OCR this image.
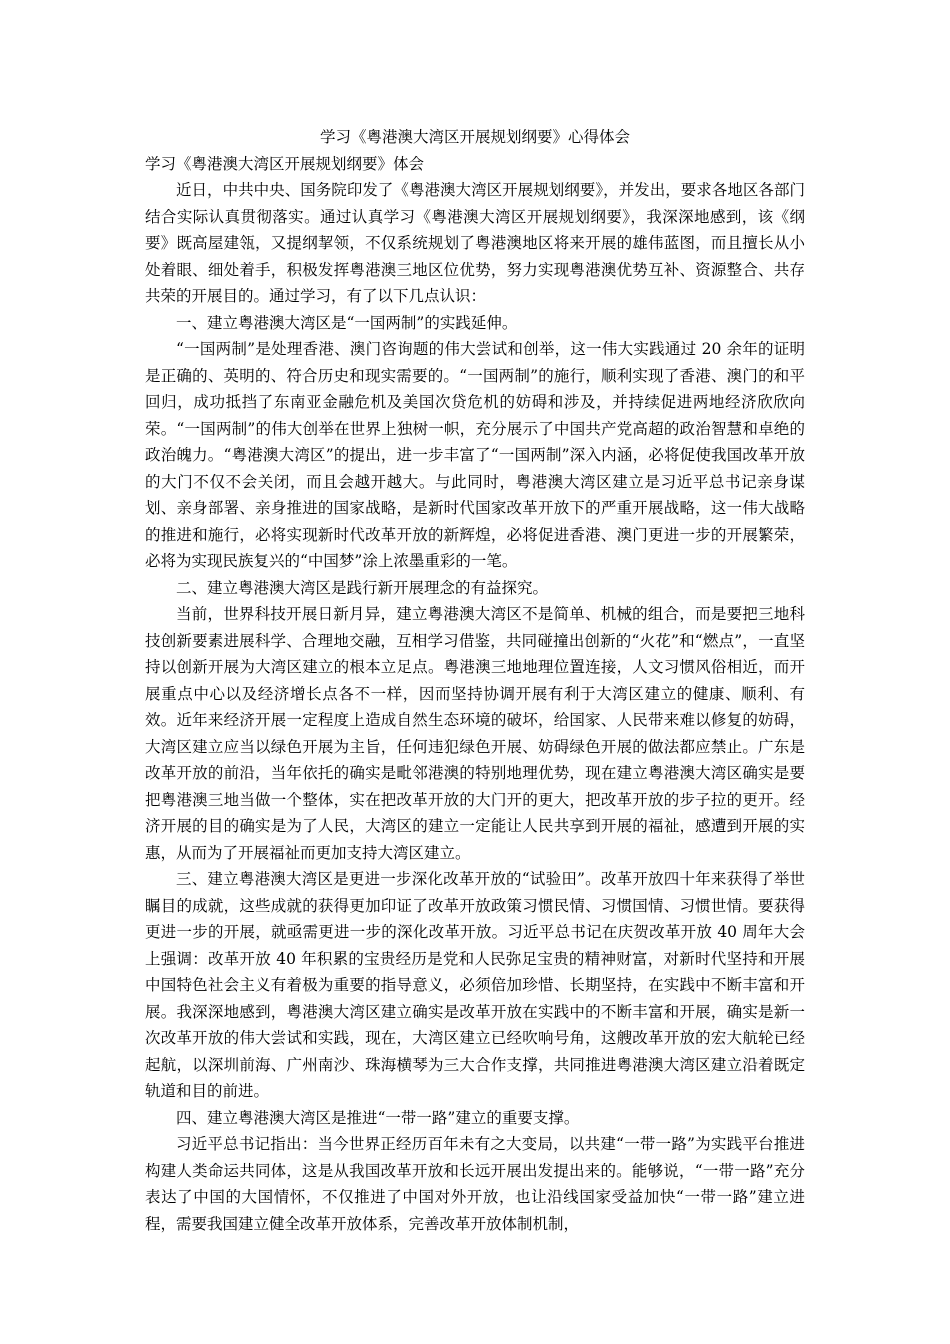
学习《粤港澳大湾区开展规划纲要》心得体会
学习《粤港澳大湾区开展规划纲要》体会

近日，中共中央、国务院印发了《粤港澳大湾区开展规划纲要》，并发出，要求各地区各部门结合实际认真贯彻落实。通过认真学习《粤港澳大湾区开展规划纲要》，我深深地感到，该《纲要》既高屋建瓴，又提纲挈领，不仅系统规划了粤港澳地区将来开展的雄伟蓝图，而且擅长从小处着眼、细处着手，积极发挥粤港澳三地区位优势，努力实现粤港澳优势互补、资源整合、共存共荣的开展目的。通过学习，有了以下几点认识：

一、建立粤港澳大湾区是“一国两制”的实践延伸。

“一国两制”是处理香港、澳门咨询题的伟大尝试和创举，这一伟大实践通过 20 余年的证明是正确的、英明的、符合历史和现实需要的。“一国两制”的施行，顺利实现了香港、澳门的和平回归，成功抵挡了东南亚金融危机及美国次贷危机的妨碍和涉及，并持续促进两地经济欣欣向荣。“一国两制”的伟大创举在世界上独树一帜，充分展示了中国共产党高超的政治智慧和卓绝的政治魄力。“粤港澳大湾区”的提出，进一步丰富了“一国两制”深入内涵，必将促使我国改革开放的大门不仅不会关闭，而且会越开越大。与此同时，粤港澳大湾区建立是习近平总书记亲身谋划、亲身部署、亲身推进的国家战略，是新时代国家改革开放下的严重开展战略，这一伟大战略的推进和施行，必将实现新时代改革开放的新辉煌，必将促进香港、澳门更进一步的开展繁荣，必将为实现民族复兴的“中国梦”涂上浓墨重彩的一笔。

二、建立粤港澳大湾区是践行新开展理念的有益探究。

当前，世界科技开展日新月异，建立粤港澳大湾区不是简单、机械的组合，而是要把三地科技创新要素进展科学、合理地交融，互相学习借鉴，共同碰撞出创新的“火花”和“燃点”，一直坚持以创新开展为大湾区建立的根本立足点。粤港澳三地地理位置连接，人文习惯风俗相近，而开展重点中心以及经济增长点各不一样，因而坚持协调开展有利于大湾区建立的健康、顺利、有效。近年来经济开展一定程度上造成自然生态环境的破坏，给国家、人民带来难以修复的妨碍，大湾区建立应当以绿色开展为主旨，任何违犯绿色开展、妨碍绿色开展的做法都应禁止。广东是改革开放的前沿，当年依托的确实是毗邻港澳的特别地理优势，现在建立粤港澳大湾区确实是要把粤港澳三地当做一个整体，实在把改革开放的大门开的更大，把改革开放的步子拉的更开。经济开展的目的确实是为了人民，大湾区的建立一定能让人民共享到开展的福祉，感遭到开展的实惠，从而为了开展福祉而更加支持大湾区建立。

三、建立粤港澳大湾区是更进一步深化改革开放的“试验田”。改革开放四十年来获得了举世瞩目的成就，这些成就的获得更加印证了改革开放政策习惯民情、习惯国情、习惯世情。要获得更进一步的开展，就亟需更进一步的深化改革开放。习近平总书记在庆贺改革开放 40 周年大会上强调：改革开放 40 年积累的宝贵经历是党和人民弥足宝贵的精神财富，对新时代坚持和开展中国特色社会主义有着极为重要的指导意义，必须倍加珍惜、长期坚持，在实践中不断丰富和开展。我深深地感到，粤港澳大湾区建立确实是改革开放在实践中的不断丰富和开展，确实是新一次改革开放的伟大尝试和实践，现在，大湾区建立已经吹响号角，这艘改革开放的宏大航轮已经起航，以深圳前海、广州南沙、珠海横琴为三大合作支撑，共同推进粤港澳大湾区建立沿着既定轨道和目的前进。

四、建立粤港澳大湾区是推进“一带一路”建立的重要支撑。

习近平总书记指出：当今世界正经历百年未有之大变局，以共建“一带一路”为实践平台推进构建人类命运共同体，这是从我国改革开放和长远开展出发提出来的。能够说，“一带一路”充分表达了中国的大国情怀，不仅推进了中国对外开放，也让沿线国家受益加快“一带一路”建立进程，需要我国建立健全改革开放体系，完善改革开放体制机制，
